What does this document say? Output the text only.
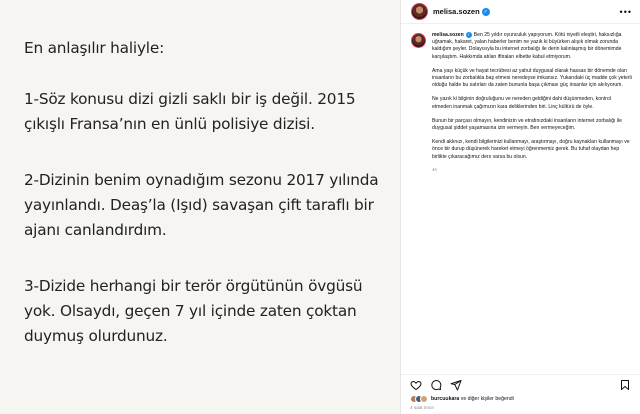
En anlaşılır haliyle:

1-Söz konusu dizi gizli saklı bir iş değil. 2015 çıkışlı Fransa’nın en ünlü polisiye dizisi.

2-Dizinin benim oynadığım sezonu 2017 yılında yayınlandı. Deaş’la (Işıd) savaşan çift taraflı bir ajanı canlandırdım.

3-Dizide herhangi bir terör örgütünün övgüsü yok. Olsaydı, geçen 7 yıl içinde zaten çoktan duymuş olurdunuz.

melisa.sozen ✓	•••

melisa.sozen ✓ Ben 25 yıldır oyunculuk yapıyorum. Kötü niyetli eleştiri, haksızlığa uğramak, hakaret, yalan haberler benim ne yazık ki büyürken alışık olmak zorunda kaldığım şeyler. Dolayısıyla bu internet zorbalığı ile derin kalınlaşmış bir dönemimde karşılaştım. Hakkımda atılan iftiraları elbette kabul etmiyorum.

Ama yaşı küçük ve hayat tecrübesi az yahut duygusal olarak hassas bir dönemde olan insanların bu zorbalıkla baş etmesi neredeyse imkansız. Yukarıdaki üç madde çok yeterli olduğu halde bu satırları da zaten bununla başa çıkması güç insanlar için akılıyorum.

Ne yazık ki bilginin doğruluğunu ve nereden geldiğini dahi düşünmeden, kontrol etmeden inanmak çağımızın kara deliklerinden biri. Linç kültürü de öyle.

Bunun bir parçası olmayın, kendinizin ve etrafınızdaki insanların internet zorbalığı ile duygusal şiddet yaşamasına izin vermeyin. Ben vermeyeceğim.

Kendi aklınızı, kendi bilgilerinizi kullanmayı, araştırmayı, doğru kaynakları kullanmayı ve önce bir durup düşünerek hareket etmeyi öğrenmemiz gerek. Bu tuhaf olaydan hep birlikte çıkaracağımız ders varsa bu olsun.

4s

burcuukara ve diğer kişiler beğendi
4 saat önce
